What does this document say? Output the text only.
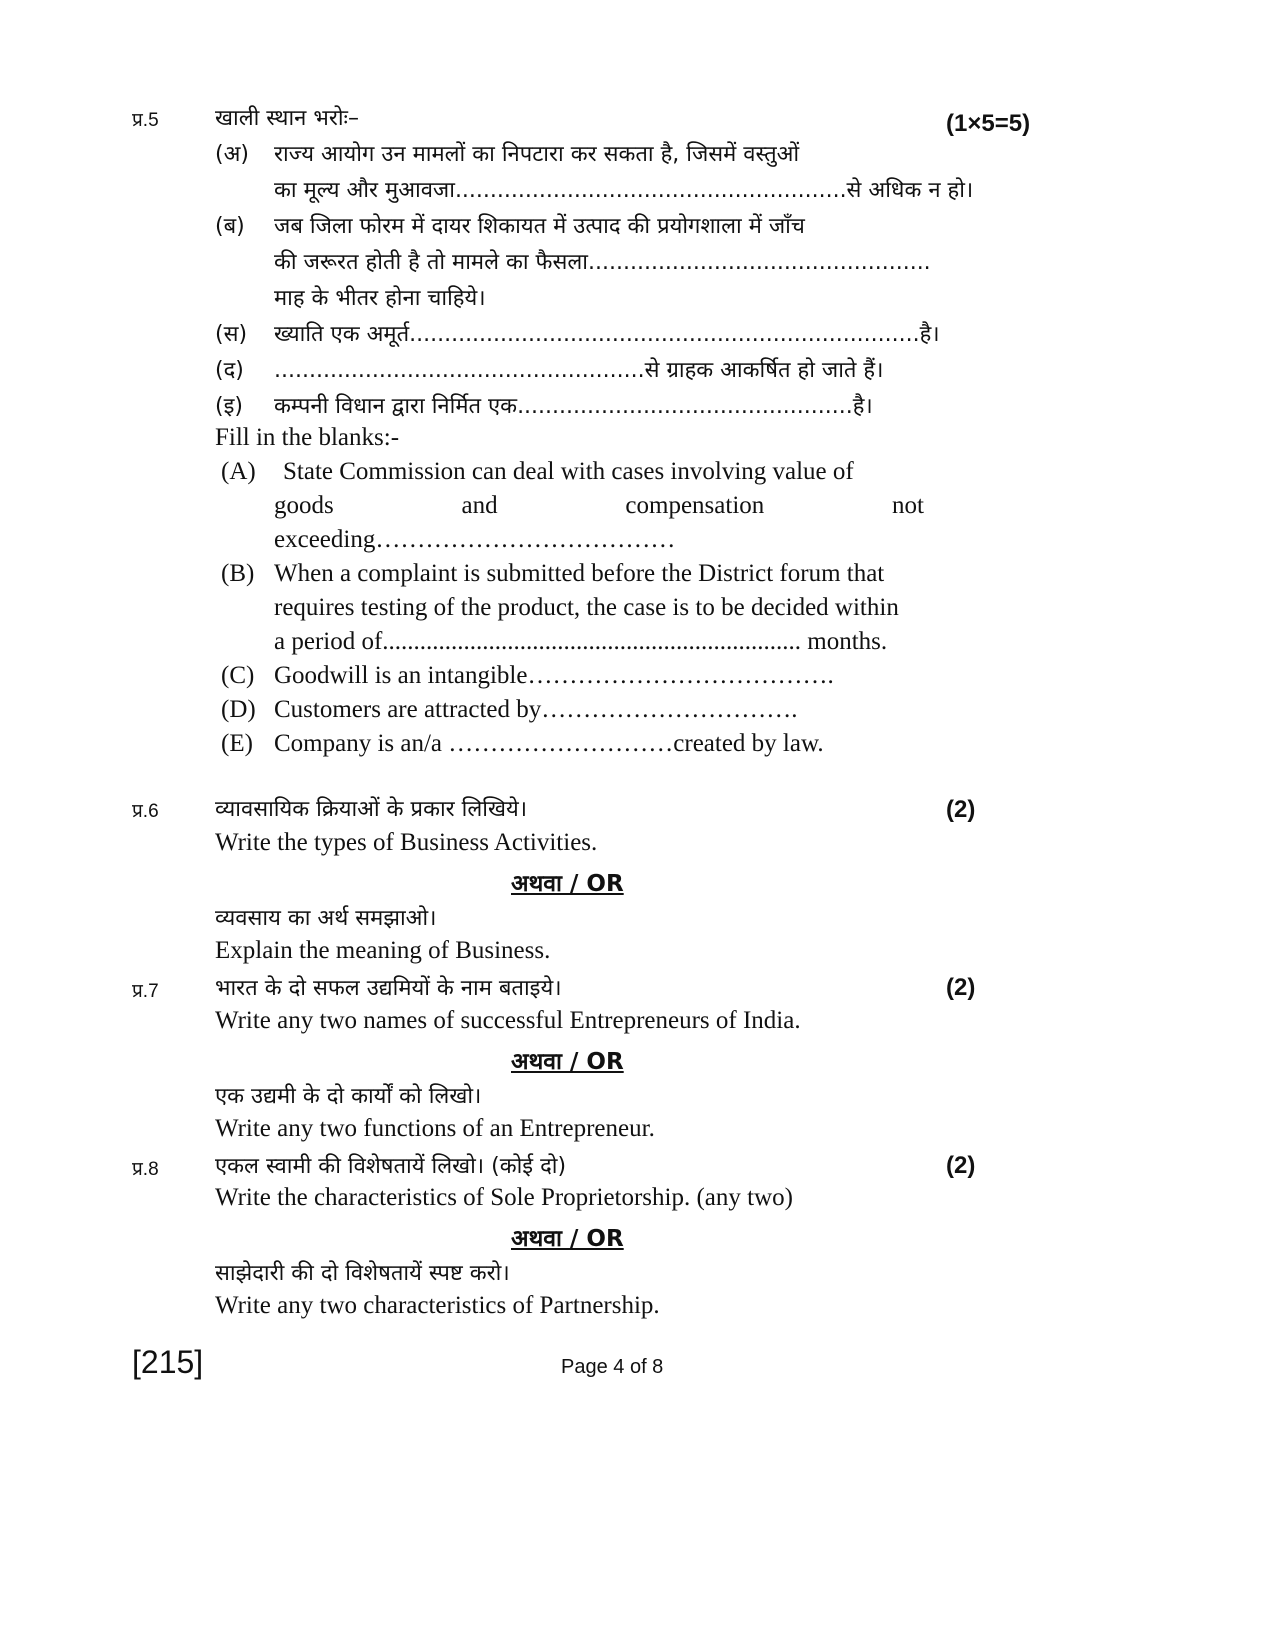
प्र.5	खाली स्थान भरोः–	(1×5=5)
(अ) राज्य आयोग उन मामलों का निपटारा कर सकता है, जिसमें वस्तुओं
का मूल्य और मुआवजा........................................................से अधिक न हो।
(ब) जब जिला फोरम में दायर शिकायत में उत्पाद की प्रयोगशाला में जाँच
की जरूरत होती है तो मामले का फैसला.................................................
माह के भीतर होना चाहिये।
(स) ख्याति एक अमूर्त.........................................................................है।
(द) .....................................................से ग्राहक आकर्षित हो जाते हैं।
(इ) कम्पनी विधान द्वारा निर्मित एक................................................है।
Fill in the blanks:-
(A) State Commission can deal with cases involving value of
goods	and	compensation	not
exceeding………………………………
(B) When a complaint is submitted before the District forum that
requires testing of the product, the case is to be decided within
a period of................................................................... months.
(C) Goodwill is an intangible……………………………….
(D) Customers are attracted by………………………….
(E) Company is an/a ………………………created by law.
प्र.6	व्यावसायिक क्रियाओं के प्रकार लिखिये।	(2)
Write the types of Business Activities.
अथवा / OR
व्यवसाय का अर्थ समझाओ।
Explain the meaning of Business.
प्र.7	भारत के दो सफल उद्यमियों के नाम बताइये।	(2)
Write any two names of successful Entrepreneurs of India.
अथवा / OR
एक उद्यमी के दो कार्यों को लिखो।
Write any two functions of an Entrepreneur.
प्र.8	एकल स्वामी की विशेषतायें लिखो। (कोई दो)	(2)
Write the characteristics of Sole Proprietorship. (any two)
अथवा / OR
साझेदारी की दो विशेषतायें स्पष्ट करो।
Write any two characteristics of Partnership.
[215]	Page 4 of 8
